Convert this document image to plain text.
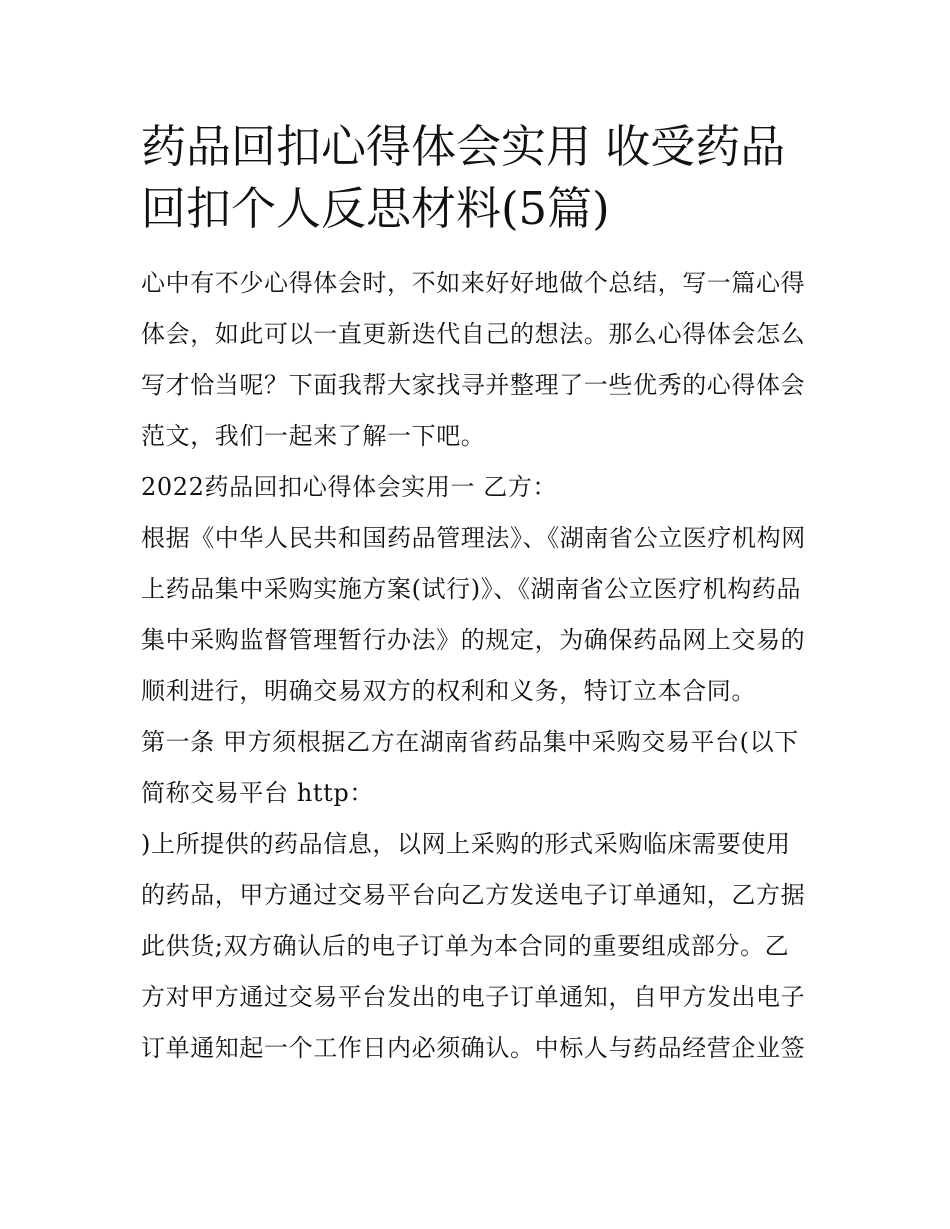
药品回扣心得体会实用 收受药品回扣个人反思材料(5篇)

心中有不少心得体会时，不如来好好地做个总结，写一篇心得体会，如此可以一直更新迭代自己的想法。那么心得体会怎么写才恰当呢？下面我帮大家找寻并整理了一些优秀的心得体会范文，我们一起来了解一下吧。

2022药品回扣心得体会实用一 乙方：

根据《中华人民共和国药品管理法》、《湖南省公立医疗机构网上药品集中采购实施方案(试行)》、《湖南省公立医疗机构药品集中采购监督管理暂行办法》的规定，为确保药品网上交易的顺利进行，明确交易双方的权利和义务，特订立本合同。

第一条 甲方须根据乙方在湖南省药品集中采购交易平台(以下简称交易平台 http：

)上所提供的药品信息，以网上采购的形式采购临床需要使用的药品，甲方通过交易平台向乙方发送电子订单通知，乙方据此供货;双方确认后的电子订单为本合同的重要组成部分。乙方对甲方通过交易平台发出的电子订单通知，自甲方发出电子订单通知起一个工作日内必须确认。中标人与药品经营企业签
